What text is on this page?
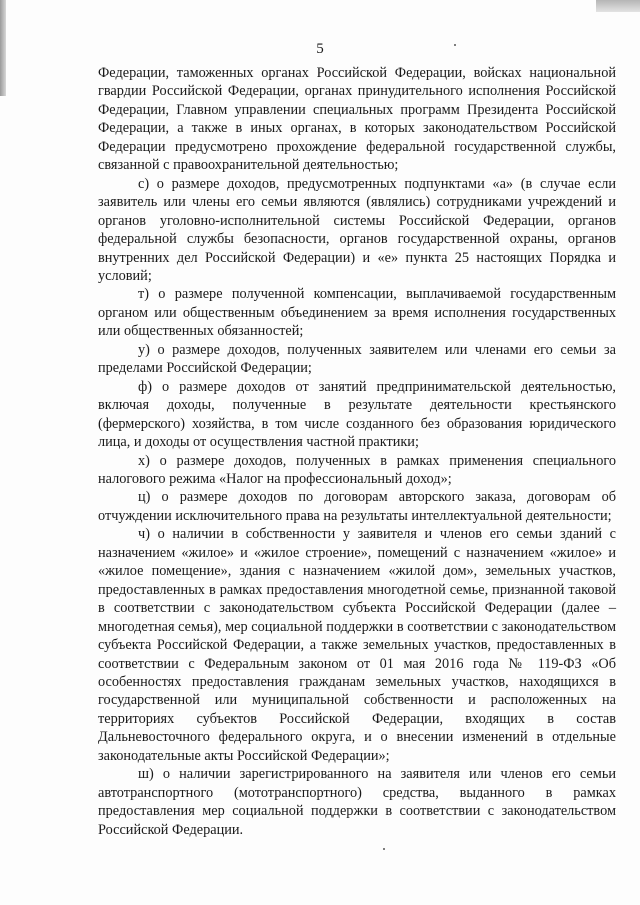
5

Федерации, таможенных органах Российской Федерации, войсках национальной гвардии Российской Федерации, органах принудительного исполнения Российской Федерации, Главном управлении специальных программ Президента Российской Федерации, а также в иных органах, в которых законодательством Российской Федерации предусмотрено прохождение федеральной государственной службы, связанной с правоохранительной деятельностью;

с) о размере доходов, предусмотренных подпунктами «а» (в случае если заявитель или члены его семьи являются (являлись) сотрудниками учреждений и органов уголовно-исполнительной системы Российской Федерации, органов федеральной службы безопасности, органов государственной охраны, органов внутренних дел Российской Федерации) и «е» пункта 25 настоящих Порядка и условий;

т) о размере полученной компенсации, выплачиваемой государственным органом или общественным объединением за время исполнения государственных или общественных обязанностей;

у) о размере доходов, полученных заявителем или членами его семьи за пределами Российской Федерации;

ф) о размере доходов от занятий предпринимательской деятельностью, включая доходы, полученные в результате деятельности крестьянского (фермерского) хозяйства, в том числе созданного без образования юридического лица, и доходы от осуществления частной практики;

х) о размере доходов, полученных в рамках применения специального налогового режима «Налог на профессиональный доход»;

ц) о размере доходов по договорам авторского заказа, договорам об отчуждении исключительного права на результаты интеллектуальной деятельности;

ч) о наличии в собственности у заявителя и членов его семьи зданий с назначением «жилое» и «жилое строение», помещений с назначением «жилое» и «жилое помещение», здания с назначением «жилой дом», земельных участков, предоставленных в рамках предоставления многодетной семье, признанной таковой в соответствии с законодательством субъекта Российской Федерации (далее – многодетная семья), мер социальной поддержки в соответствии с законодательством субъекта Российской Федерации, а также земельных участков, предоставленных в соответствии с Федеральным законом от 01 мая 2016 года № 119-ФЗ «Об особенностях предоставления гражданам земельных участков, находящихся в государственной или муниципальной собственности и расположенных на территориях субъектов Российской Федерации, входящих в состав Дальневосточного федерального округа, и о внесении изменений в отдельные законодательные акты Российской Федерации»;

ш) о наличии зарегистрированного на заявителя или членов его семьи автотранспортного (мототранспортного) средства, выданного в рамках предоставления мер социальной поддержки в соответствии с законодательством Российской Федерации.
